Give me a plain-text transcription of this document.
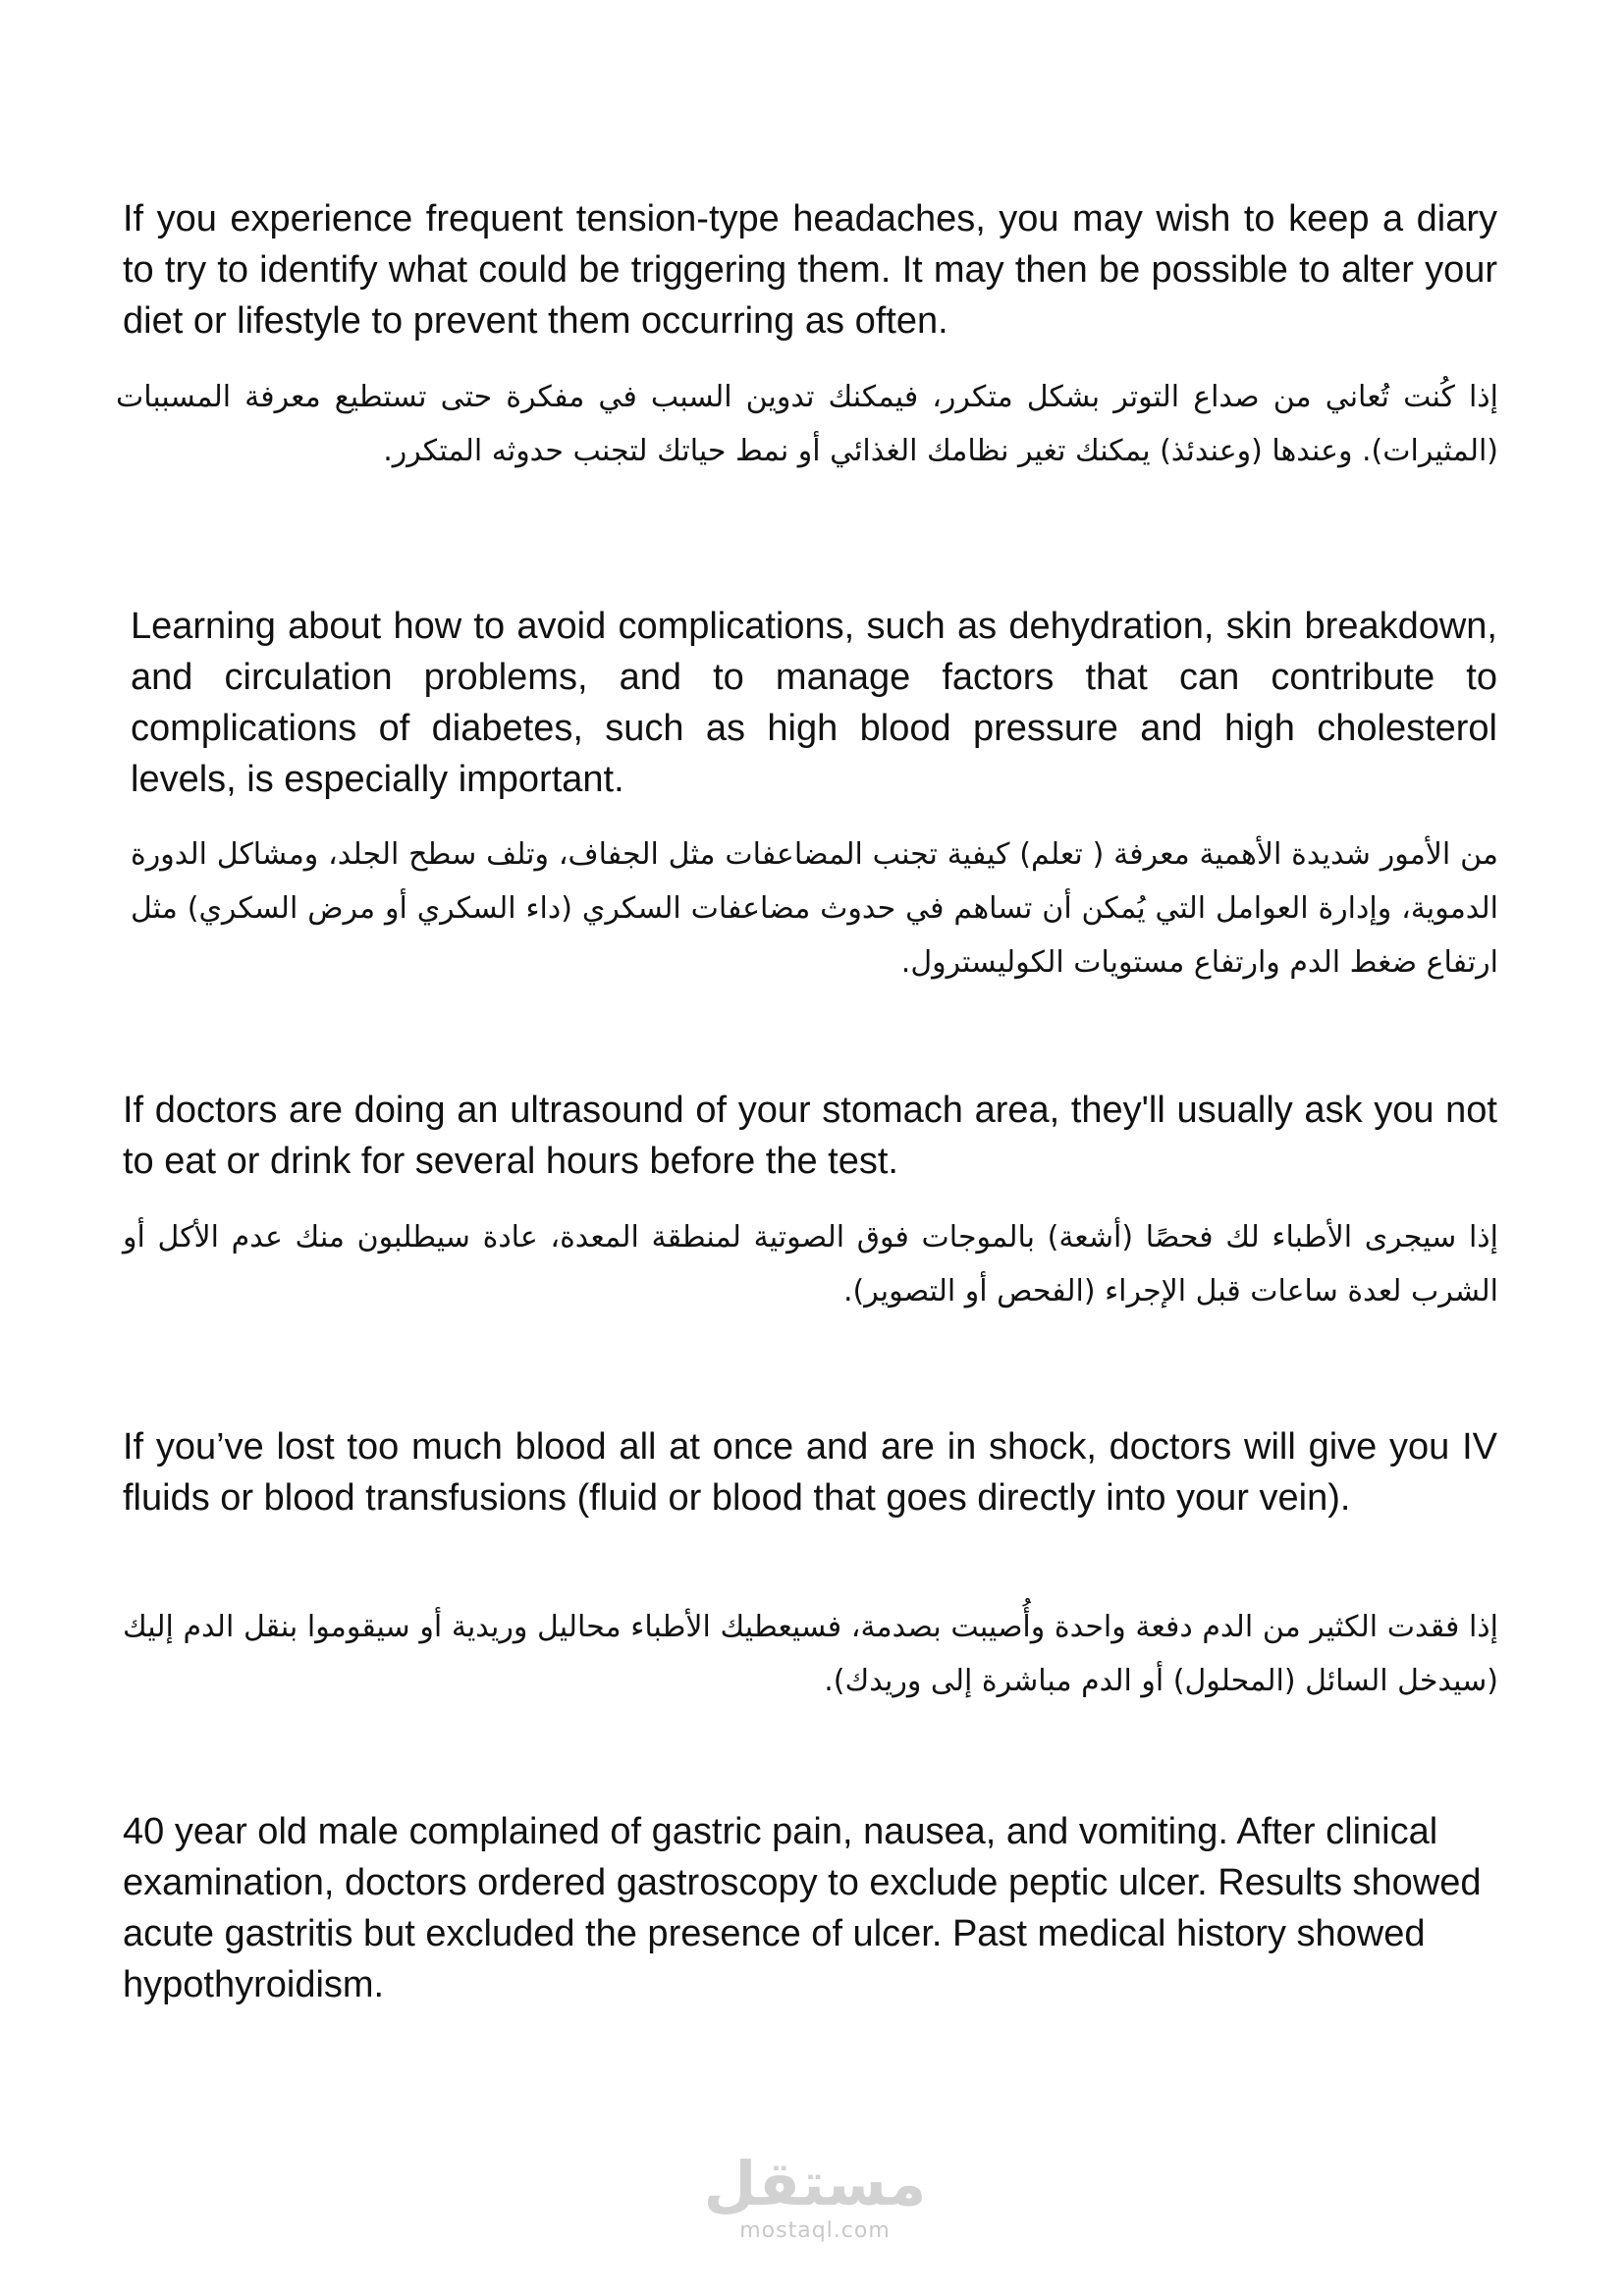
If you experience frequent tension-type headaches, you may wish to keep a diary to try to identify what could be triggering them. It may then be possible to alter your diet or lifestyle to prevent them occurring as often.

إذا كُنت تُعاني من صداع التوتر بشكل متكرر، فيمكنك تدوين السبب في مفكرة حتى تستطيع معرفة المسببات (المثيرات). وعندها (وعندئذ) يمكنك تغير نظامك الغذائي أو نمط حياتك لتجنب حدوثه المتكرر.

Learning about how to avoid complications, such as dehydration, skin breakdown, and circulation problems, and to manage factors that can contribute to complications of diabetes, such as high blood pressure and high cholesterol levels, is especially important.

من الأمور شديدة الأهمية معرفة ( تعلم) كيفية تجنب المضاعفات مثل الجفاف، وتلف سطح الجلد، ومشاكل الدورة الدموية، وإدارة العوامل التي يُمكن أن تساهم في حدوث مضاعفات السكري (داء السكري أو مرض السكري) مثل ارتفاع ضغط الدم وارتفاع مستويات الكوليسترول.

If doctors are doing an ultrasound of your stomach area, they'll usually ask you not to eat or drink for several hours before the test.

إذا سيجرى الأطباء لك فحصًا (أشعة) بالموجات فوق الصوتية لمنطقة المعدة، عادة سيطلبون منك عدم الأكل أو الشرب لعدة ساعات قبل الإجراء (الفحص أو التصوير).

If you’ve lost too much blood all at once and are in shock, doctors will give you IV fluids or blood transfusions (fluid or blood that goes directly into your vein).

إذا فقدت الكثير من الدم دفعة واحدة وأُصيبت بصدمة، فسيعطيك الأطباء محاليل وريدية أو سيقوموا بنقل الدم إليك (سيدخل السائل (المحلول) أو الدم مباشرة إلى وريدك).

40 year old male complained of gastric pain, nausea, and vomiting. After clinical examination, doctors ordered gastroscopy to exclude peptic ulcer. Results showed acute gastritis but excluded the presence of ulcer. Past medical history showed hypothyroidism.

مستقل
mostaql.com
